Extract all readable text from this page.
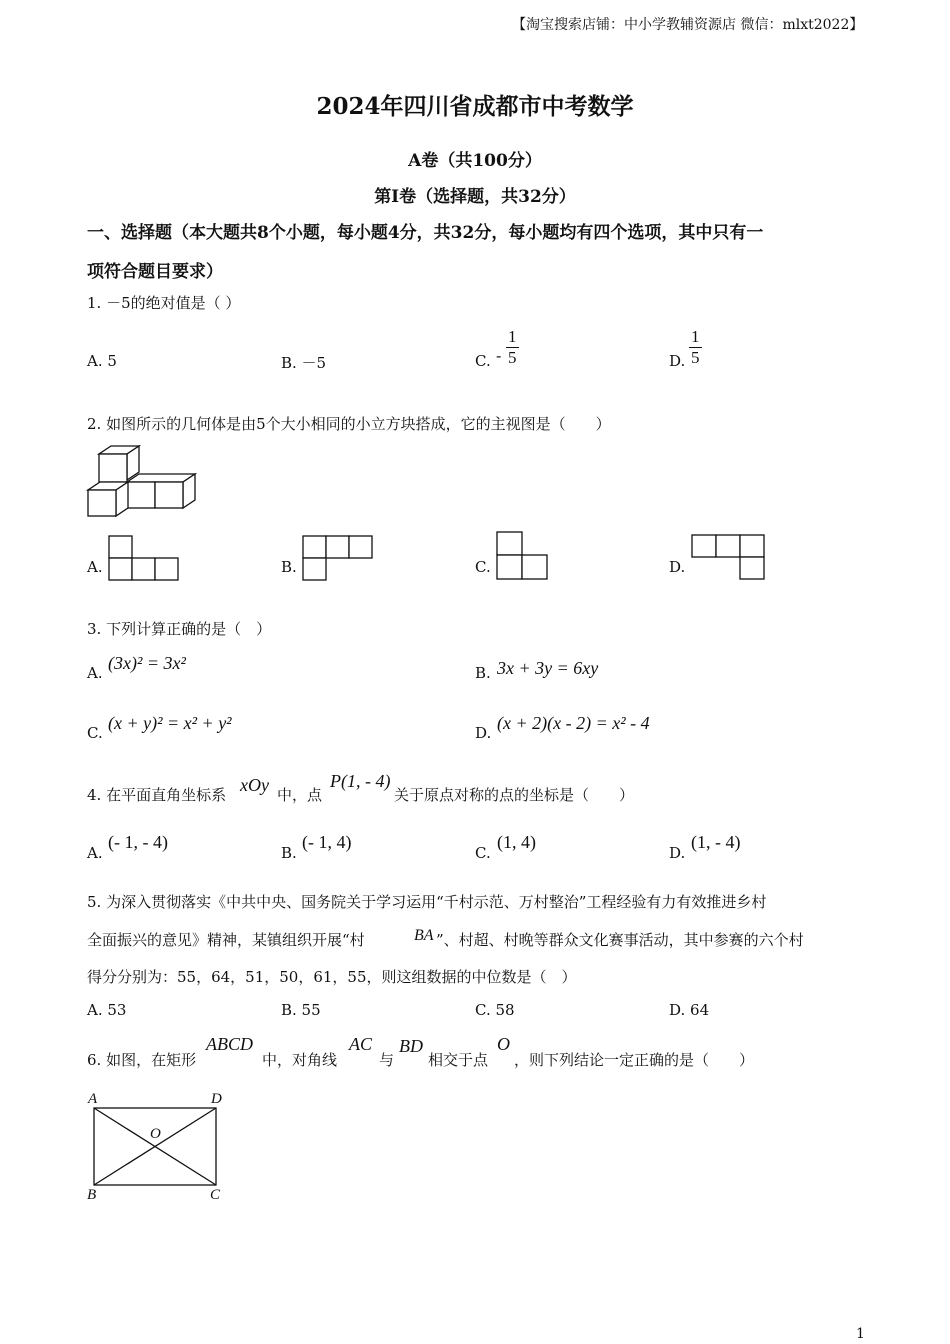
【淘宝搜索店铺：中小学教辅资源店 微信：mlxt2022】
2024年四川省成都市中考数学
A卷（共100分）
第I卷（选择题，共32分）
一、选择题（本大题共8个小题，每小题4分，共32分，每小题均有四个选项，其中只有一
项符合题目要求）
1. －5的绝对值是（ ）
A. 5	B. －5	C. - $\frac{1}{5}$	D. $\frac{1}{5}$
2. 如图所示的几何体是由5个大小相同的小立方块搭成，它的主视图是（　　）
A.	B.	C.	D.
3. 下列计算正确的是（　）
A. (3x)² = 3x²	B. 3x + 3y = 6xy
C. (x + y)² = x² + y²	D. (x + 2)(x - 2) = x² - 4
4. 在平面直角坐标系 xOy 中，点
P(1, - 4)
关于原点对称的点的坐标是（　　）
A.
(- 1, - 4)
B.
(- 1, 4)
C.
(1, 4)
D.
(1, - 4)
5. 为深入贯彻落实《中共中央、国务院关于学习运用“千村示范、万村整治”工程经验有力有效推进乡村
全面振兴的意见》精神，某镇组织开展“村	BA ”、村超、村晚等群众文化赛事活动，其中参赛的六个村
得分分别为：55，64，51，50，61，55，则这组数据的中位数是（　）
A. 53	B. 55	C. 58	D. 64
6. 如图，在矩形
ABCD
中，对角线
AC
与
BD
相交于点
O
，则下列结论一定正确的是（　　）
A	D
O
B	C
1
